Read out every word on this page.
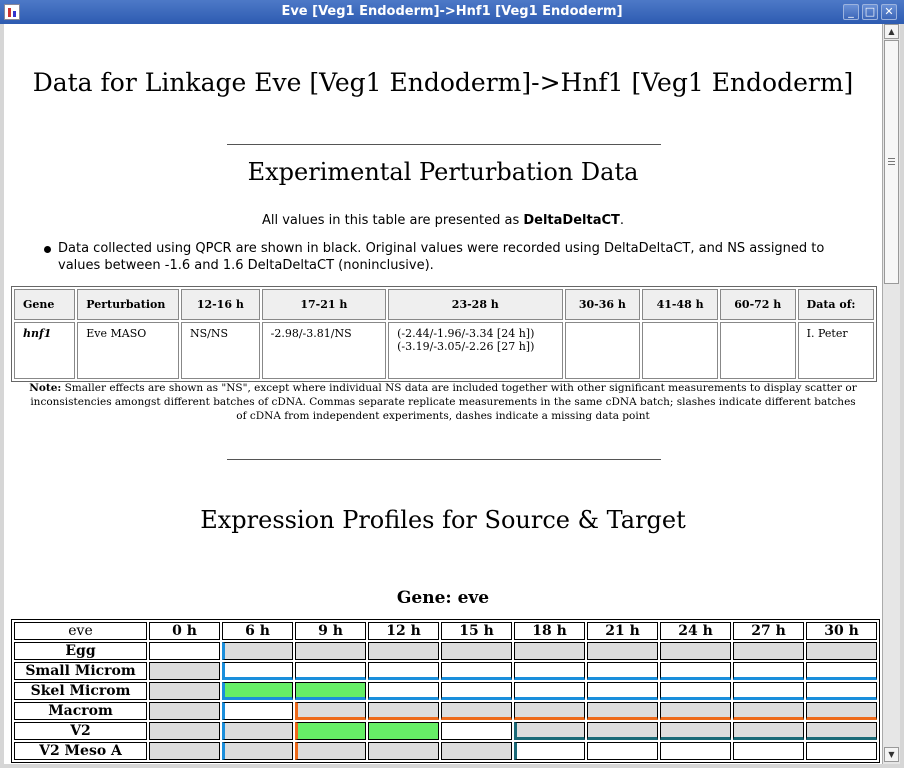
Eve [Veg1 Endoderm]->Hnf1 [Veg1 Endoderm]	_	□ ✕
Data for Linkage Eve [Veg1 Endoderm]->Hnf1 [Veg1 Endoderm]
Experimental Perturbation Data
All values in this table are presented as DeltaDeltaCT.
Data collected using QPCR are shown in black. Original values were recorded using DeltaDeltaCT, and NS assigned to values between -1.6 and 1.6 DeltaDeltaCT (noninclusive).
Gene	Perturbation	12-16 h	17-21 h	23-28 h	30-36 h	41-48 h	60-72 h	Data of:
hnf1	Eve MASO	NS/NS	-2.98/-3.81/NS	(-2.44/-1.96/-3.34 [24 h])
(-3.19/-3.05/-2.26 [27 h])				I. Peter
Note: Smaller effects are shown as "NS", except where individual NS data are included together with other significant measurements to display scatter or inconsistencies amongst different batches of cDNA. Commas separate replicate measurements in the same cDNA batch; slashes indicate different batches of cDNA from independent experiments, dashes indicate a missing data point
Expression Profiles for Source & Target
Gene: eve
eve	0 h	6 h	9 h	12 h	15 h	18 h	21 h	24 h	27 h	30 h
Egg										
Small Microm										
Skel Microm										
Macrom										
V2										
V2 Meso A										
▲
▼
